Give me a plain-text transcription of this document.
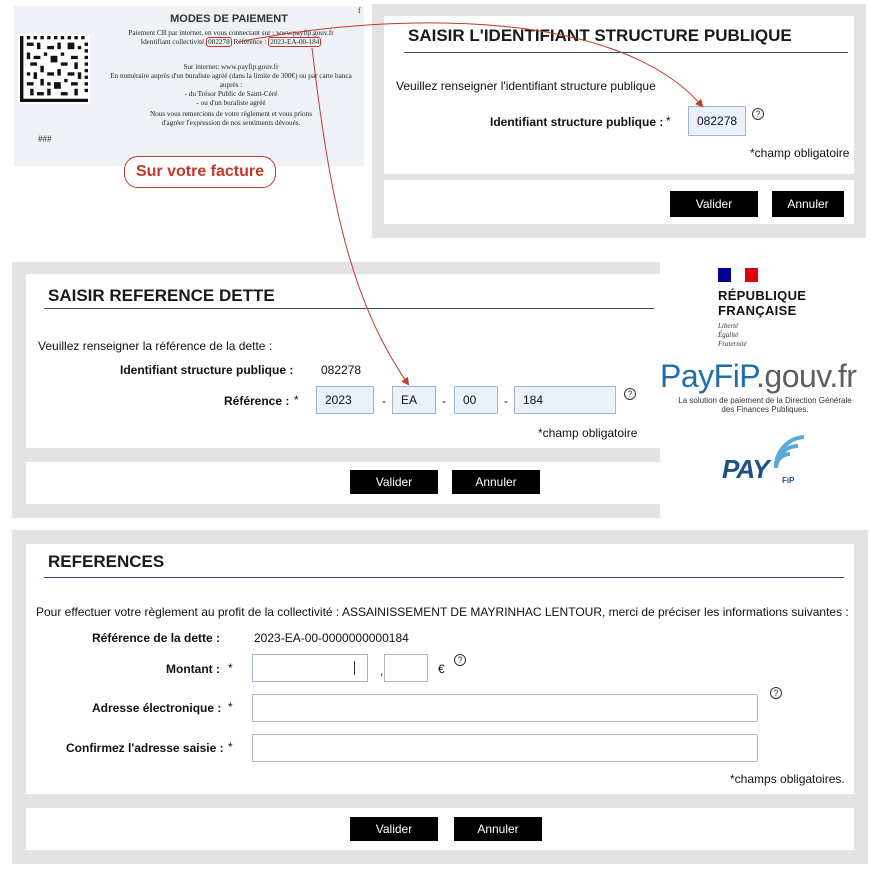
###
MODES DE PAIEMENT
Paiement CB par internet, en vous connectant sur : www.payfip.gouv.fr
Identifiant collectivité 082278 Référence : 2023-EA-00-184
Sur internet: www.payfip.gouv.fr
En numéraire auprès d'un buraliste agréé (dans la limite de 300€) ou par carte banca
auprès :
- du Trésor Public de Saint-Céré
- ou d'un buraliste agréé
Nous vous remercions de votre règlement et vous prions
d'agréer l'expression de nos sentiments dévoués.
f
Sur votre facture
SAISIR L'IDENTIFIANT STRUCTURE PUBLIQUE
Veuillez renseigner l'identifiant structure publique
Identifiant structure publique : *	082278	?
*champ obligatoire
Valider	Annuler
SAISIR REFERENCE DETTE
Veuillez renseigner la référence de la dette :
Identifiant structure publique : 082278
Référence : *	2023	-	EA	-	00	-	184	?
*champ obligatoire
Valider	Annuler
REFERENCES
Pour effectuer votre règlement au profit de la collectivité : ASSAINISSEMENT DE MAYRINHAC LENTOUR, merci de préciser les informations suivantes :
Référence de la dette :	2023-EA-00-0000000000184
Montant : *	,	€
?
Adresse électronique : *
?
Confirmez l'adresse saisie : *
*champs obligatoires.
Valider	Annuler
RÉPUBLIQUE
FRANÇAISE
Liberté
Égalité
Fraternité
PayFiP.gouv.fr
La solution de paiement de la Direction Générale
des Finances Publiques.
PAY FiP
